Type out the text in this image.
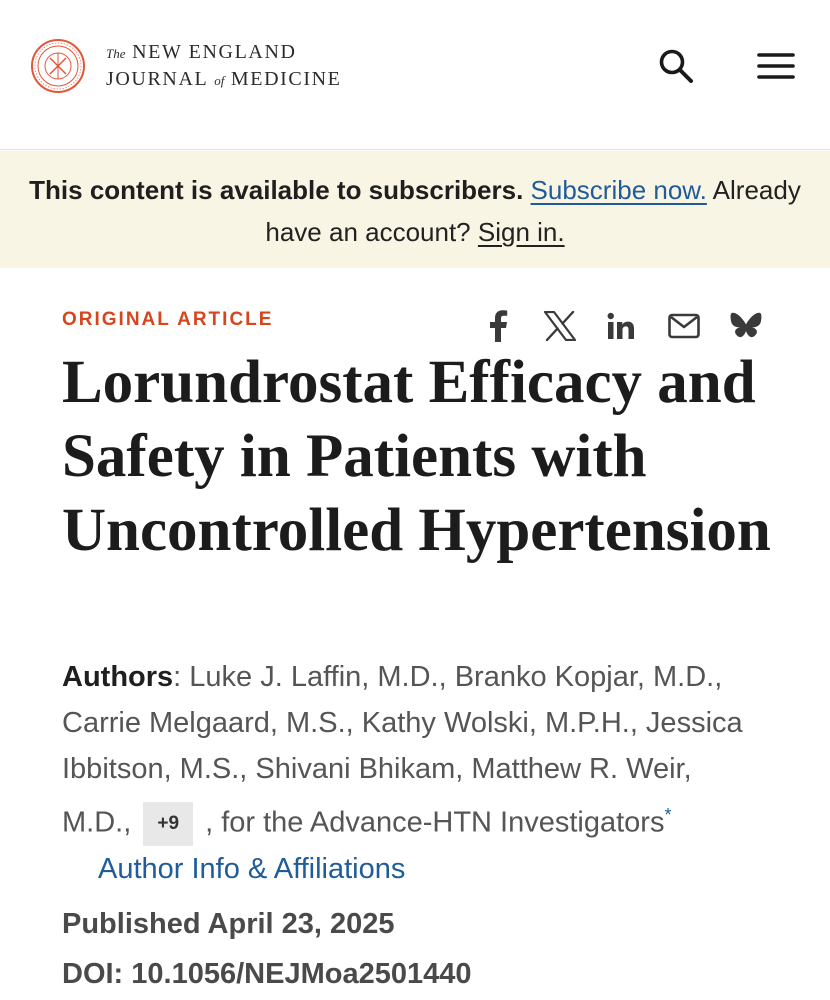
The NEW ENGLAND
JOURNAL of MEDICINE
This content is available to subscribers. Subscribe now. Already have an account? Sign in.
ORIGINAL ARTICLE
Lorundrostat Efficacy and Safety in Patients with Uncontrolled Hypertension
Authors: Luke J. Laffin, M.D., Branko Kopjar, M.D., Carrie Melgaard, M.S., Kathy Wolski, M.P.H., Jessica Ibbitson, M.S., Shivani Bhikam, Matthew R. Weir, M.D., +9 , for the Advance-HTN Investigators* Author Info & Affiliations
Published April 23, 2025
DOI: 10.1056/NEJMoa2501440
